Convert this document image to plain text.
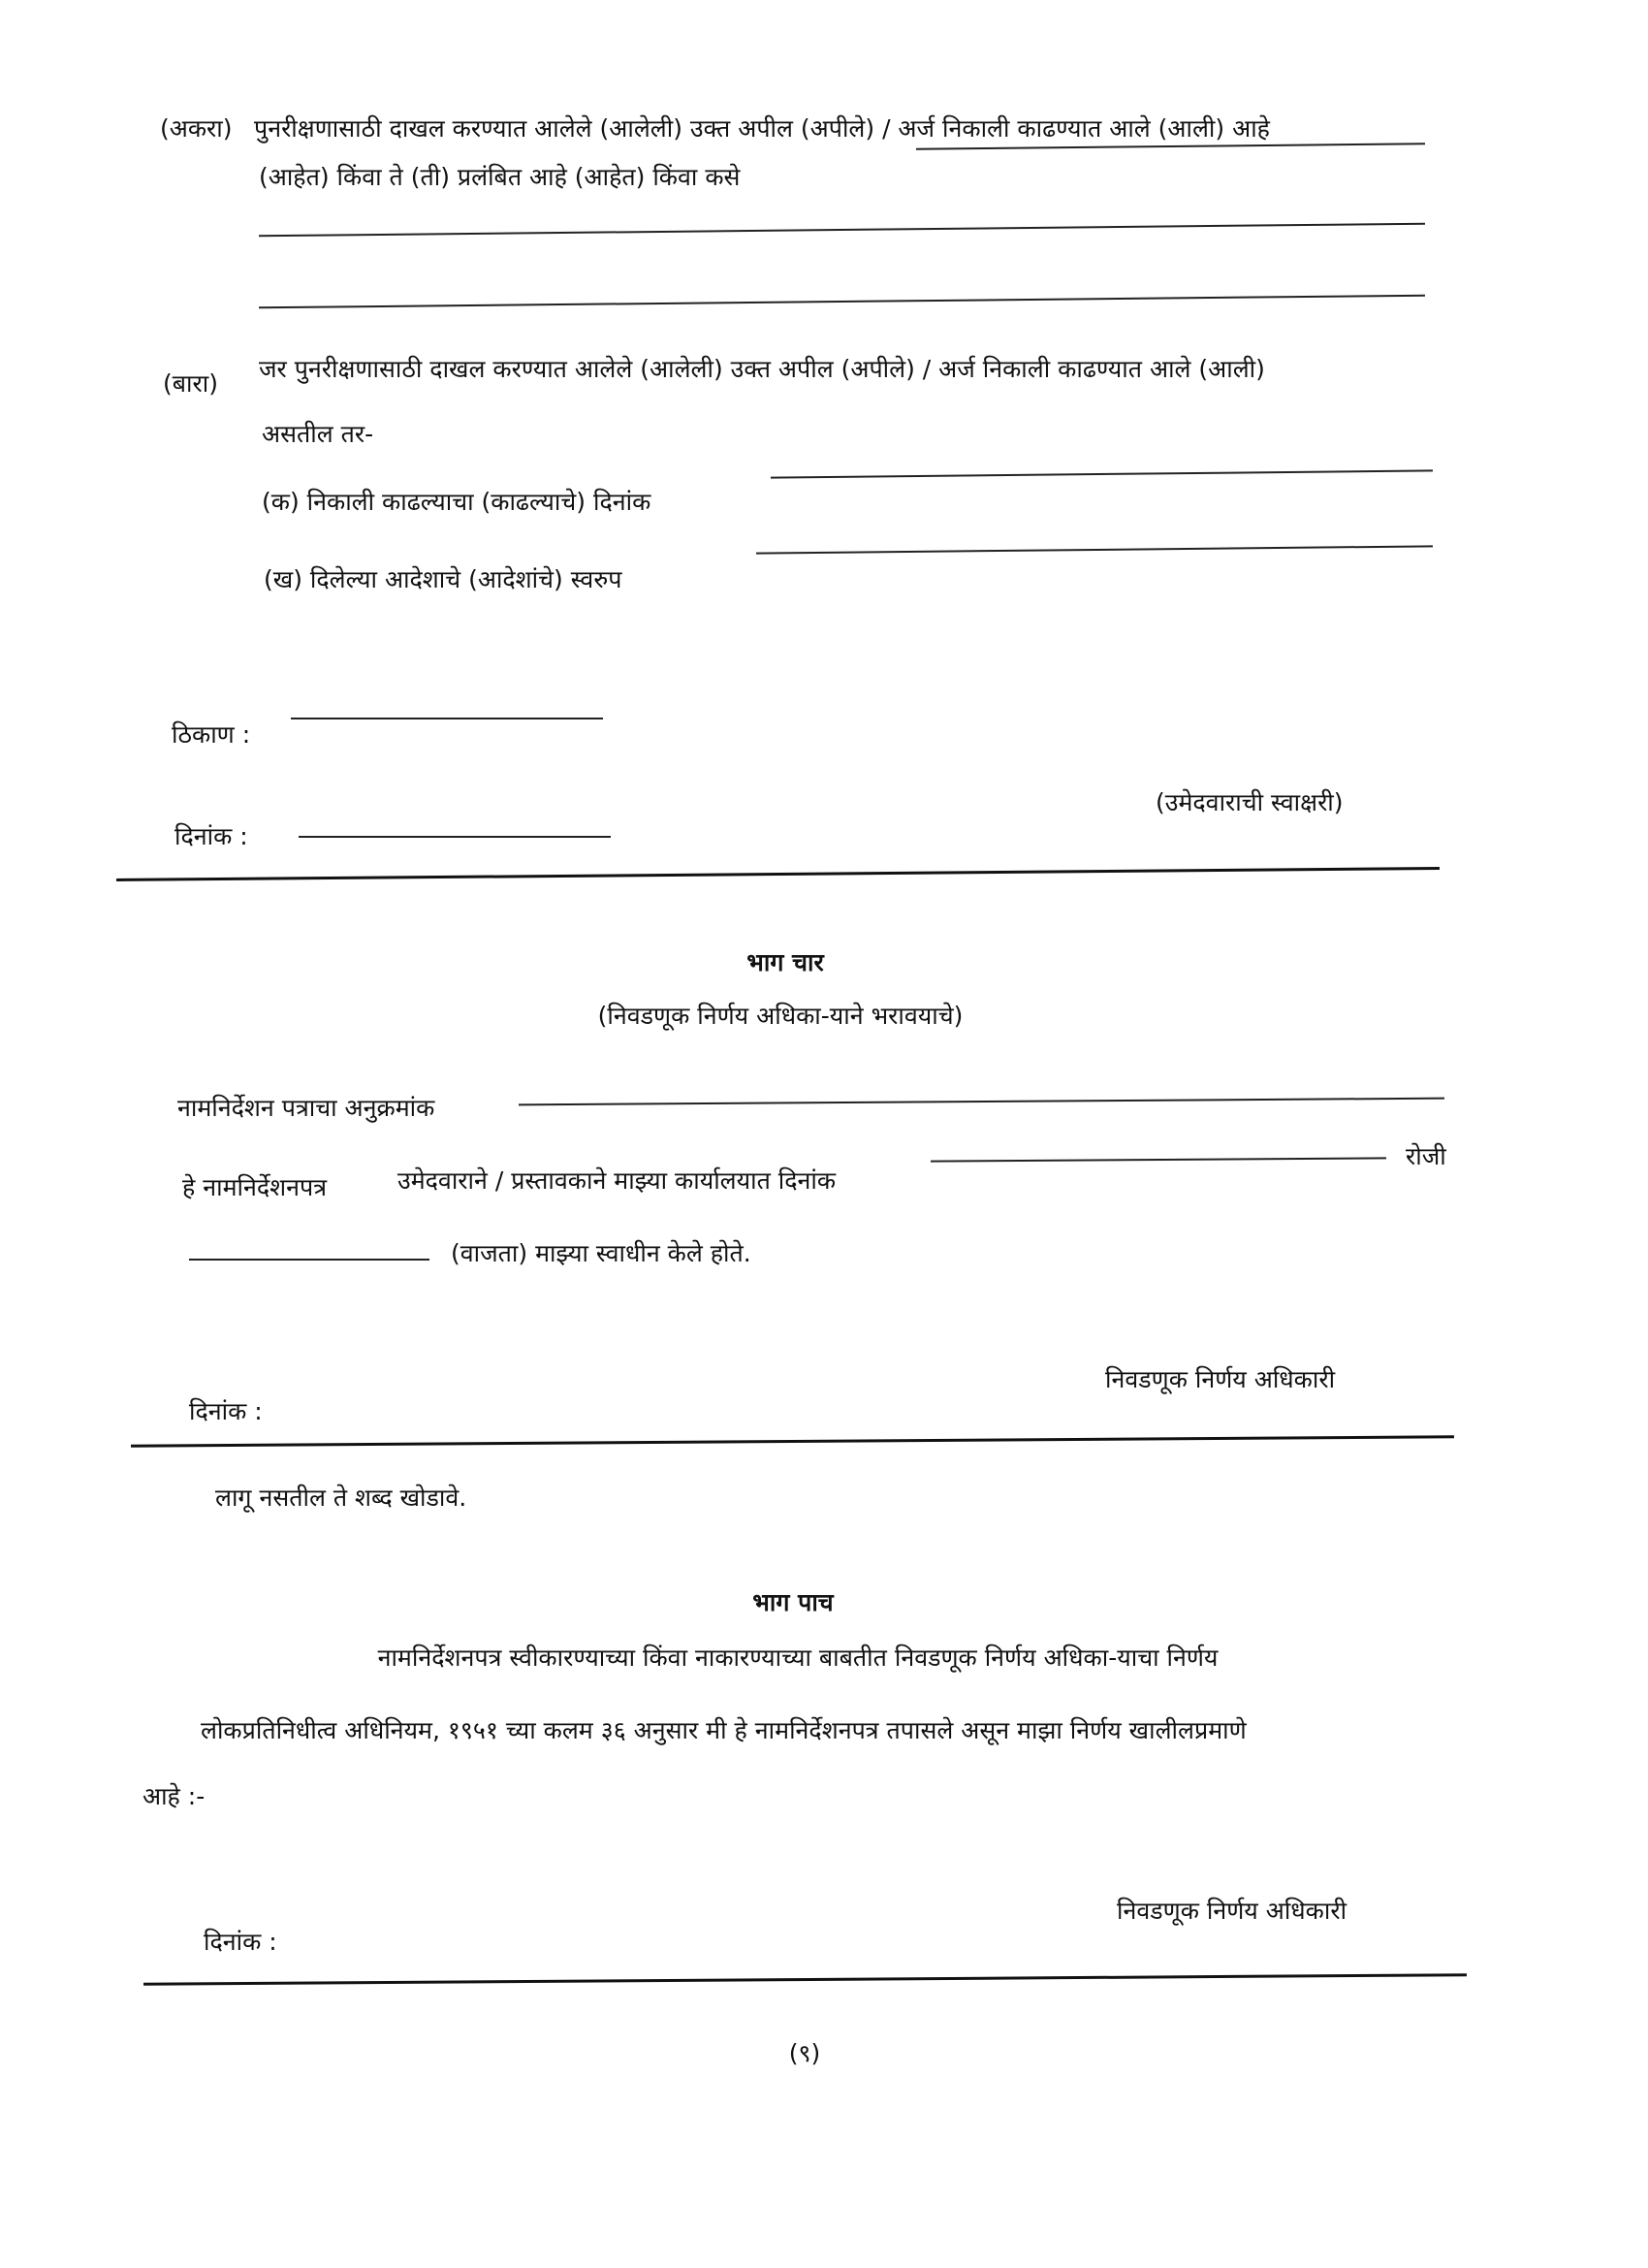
(अकरा) पुनरीक्षणासाठी दाखल करण्यात आलेले (आलेली) उक्त अपील (अपीले) / अर्ज निकाली काढण्यात आले (आली) आहे
(आहेत) किंवा ते (ती) प्रलंबित आहे (आहेत) किंवा कसे
(बारा)
जर पुनरीक्षणासाठी दाखल करण्यात आलेले (आलेली) उक्त अपील (अपीले) / अर्ज निकाली काढण्यात आले (आली)
असतील तर-
(क) निकाली काढल्याचा (काढल्याचे) दिनांक
(ख) दिलेल्या आदेशाचे (आदेशांचे) स्वरुप
ठिकाण :
(उमेदवाराची स्वाक्षरी)
दिनांक :
भाग चार
(निवडणूक निर्णय अधिका-याने भरावयाचे)
नामनिर्देशन पत्राचा अनुक्रमांक
हे नामनिर्देशनपत्र	उमेदवाराने / प्रस्तावकाने माझ्या कार्यालयात दिनांक
रोजी
(वाजता) माझ्या स्वाधीन केले होते.
निवडणूक निर्णय अधिकारी
दिनांक :
लागू नसतील ते शब्द खोडावे.
भाग पाच
नामनिर्देशनपत्र स्वीकारण्याच्या किंवा नाकारण्याच्या बाबतीत निवडणूक निर्णय अधिका-याचा निर्णय
लोकप्रतिनिधीत्व अधिनियम, १९५१ च्या कलम ३६ अनुसार मी हे नामनिर्देशनपत्र तपासले असून माझा निर्णय खालीलप्रमाणे
आहे :-
निवडणूक निर्णय अधिकारी
दिनांक :
(९)
